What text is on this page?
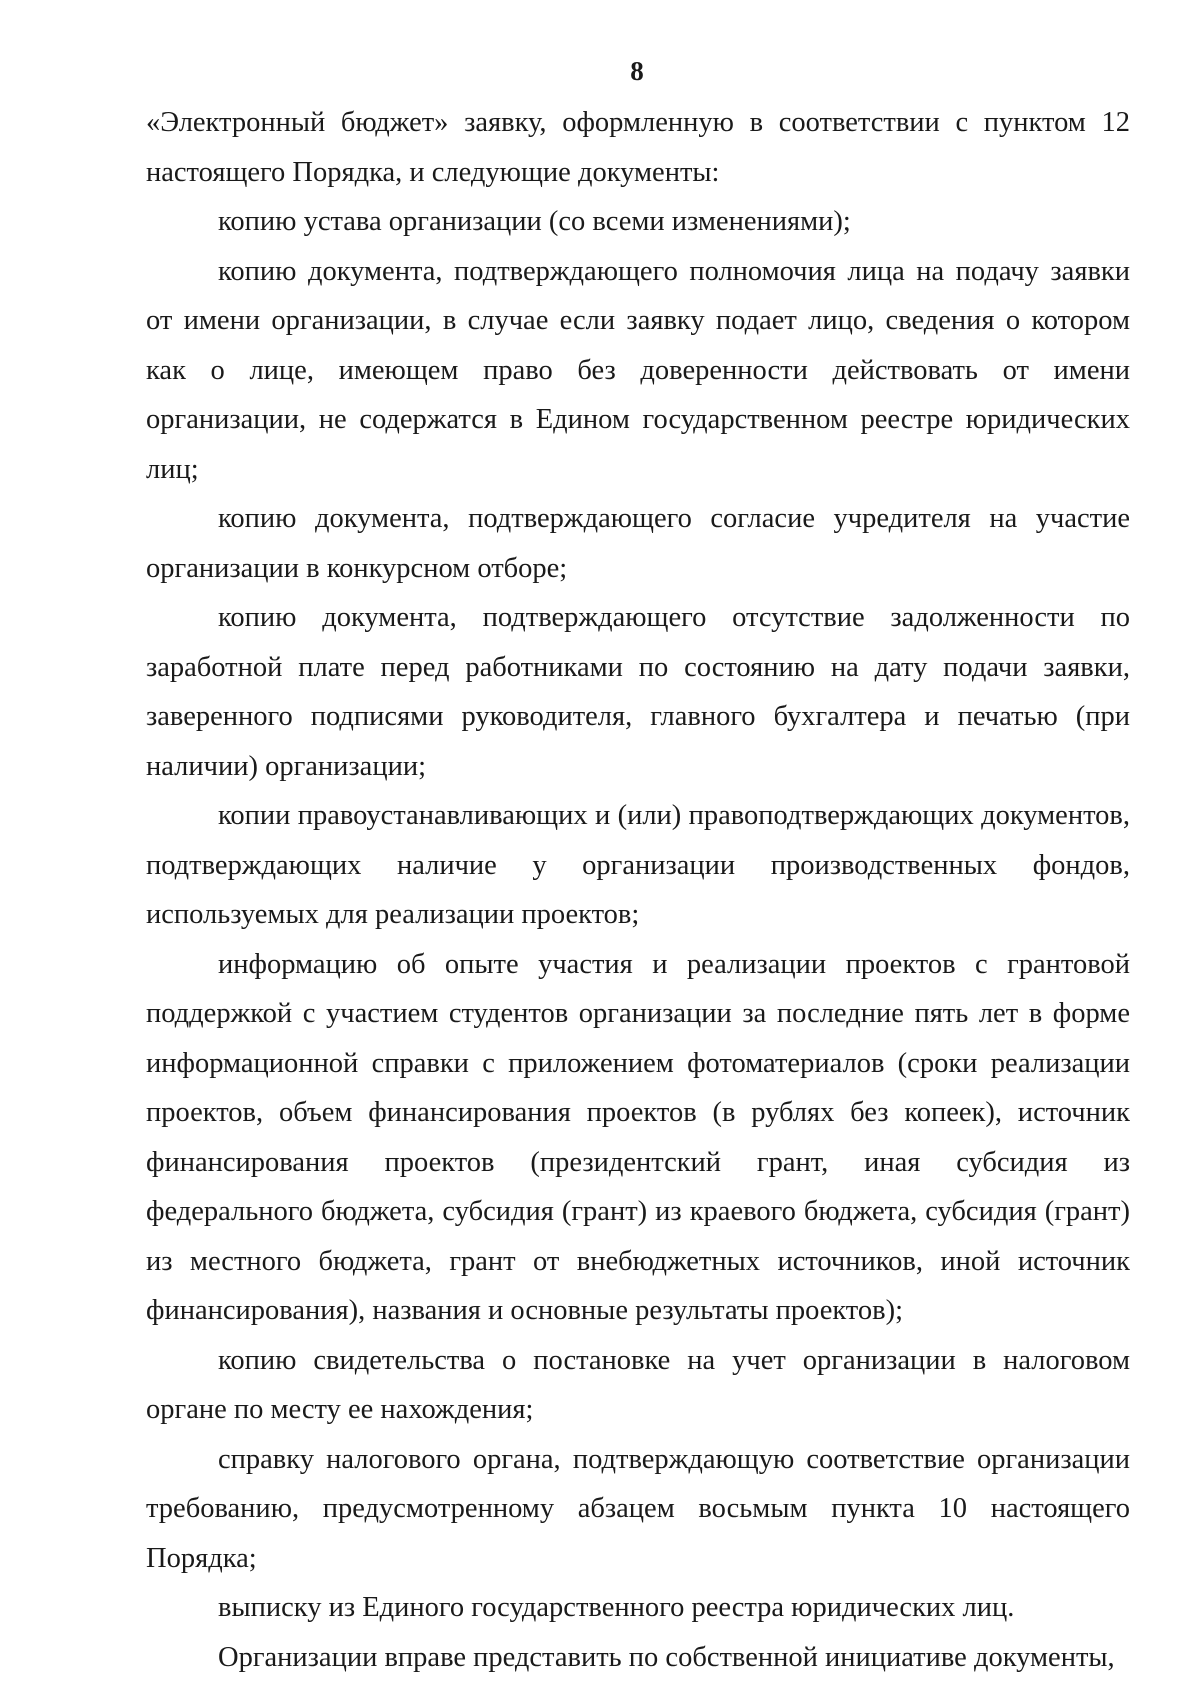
8

«Электронный бюджет» заявку, оформленную в соответствии с пунктом 12 настоящего Порядка, и следующие документы:

копию устава организации (со всеми изменениями);

копию документа, подтверждающего полномочия лица на подачу заявки от имени организации, в случае если заявку подает лицо, сведения о котором как о лице, имеющем право без доверенности действовать от имени организации, не содержатся в Едином государственном реестре юридических лиц;

копию документа, подтверждающего согласие учредителя на участие организации в конкурсном отборе;

копию документа, подтверждающего отсутствие задолженности по заработной плате перед работниками по состоянию на дату подачи заявки, заверенного подписями руководителя, главного бухгалтера и печатью (при наличии) организации;

копии правоустанавливающих и (или) правоподтверждающих документов, подтверждающих наличие у организации производственных фондов, используемых для реализации проектов;

информацию об опыте участия и реализации проектов с грантовой поддержкой с участием студентов организации за последние пять лет в форме информационной справки с приложением фотоматериалов (сроки реализации проектов, объем финансирования проектов (в рублях без копеек), источник финансирования проектов (президентский грант, иная субсидия из федерального бюджета, субсидия (грант) из краевого бюджета, субсидия (грант) из местного бюджета, грант от внебюджетных источников, иной источник финансирования), названия и основные результаты проектов);

копию свидетельства о постановке на учет организации в налоговом органе по месту ее нахождения;

справку налогового органа, подтверждающую соответствие организации требованию, предусмотренному абзацем восьмым пункта 10 настоящего Порядка;

выписку из Единого государственного реестра юридических лиц.

Организации вправе представить по собственной инициативе документы,
